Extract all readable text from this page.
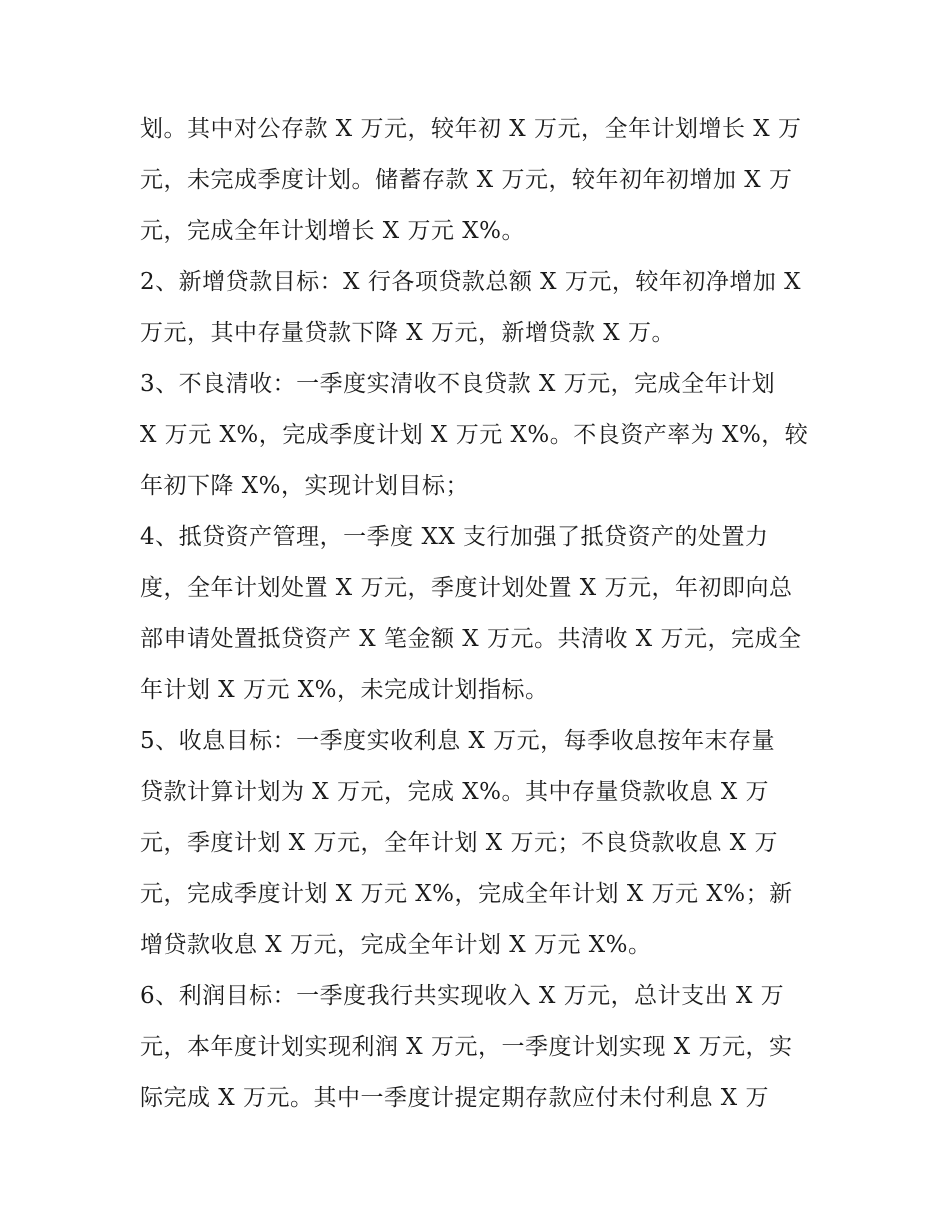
划。其中对公存款 X 万元，较年初 X 万元，全年计划增长 X 万
元，未完成季度计划。储蓄存款 X 万元，较年初年初增加 X 万
元，完成全年计划增长 X 万元 X%。
2、新增贷款目标：X 行各项贷款总额 X 万元，较年初净增加 X
万元，其中存量贷款下降 X 万元，新增贷款 X 万。
3、不良清收：一季度实清收不良贷款 X 万元，完成全年计划
X 万元 X%，完成季度计划 X 万元 X%。不良资产率为 X%，较
年初下降 X%，实现计划目标；
4、抵贷资产管理，一季度 XX 支行加强了抵贷资产的处置力
度，全年计划处置 X 万元，季度计划处置 X 万元，年初即向总
部申请处置抵贷资产 X 笔金额 X 万元。共清收 X 万元，完成全
年计划 X 万元 X%，未完成计划指标。
5、收息目标：一季度实收利息 X 万元，每季收息按年末存量
贷款计算计划为 X 万元，完成 X%。其中存量贷款收息 X 万
元，季度计划 X 万元，全年计划 X 万元；不良贷款收息 X 万
元，完成季度计划 X 万元 X%，完成全年计划 X 万元 X%；新
增贷款收息 X 万元，完成全年计划 X 万元 X%。
6、利润目标：一季度我行共实现收入 X 万元，总计支出 X 万
元，本年度计划实现利润 X 万元，一季度计划实现 X 万元，实
际完成 X 万元。其中一季度计提定期存款应付未付利息 X 万
